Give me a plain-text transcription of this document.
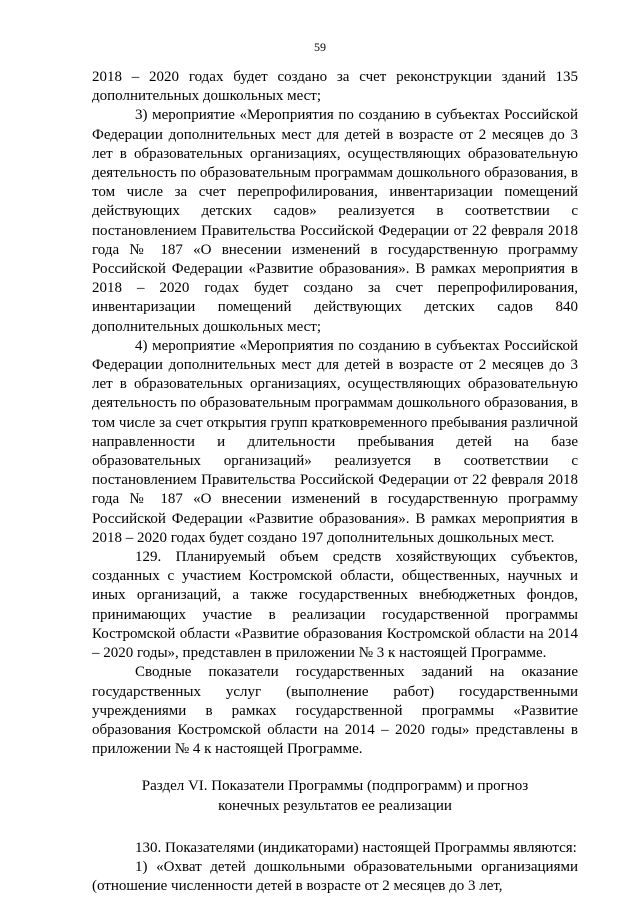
59

2018 – 2020 годах будет создано за счет реконструкции зданий 135 дополнительных дошкольных мест;

3) мероприятие «Мероприятия по созданию в субъектах Российской Федерации дополнительных мест для детей в возрасте от 2 месяцев до 3 лет в образовательных организациях, осуществляющих образовательную деятельность по образовательным программам дошкольного образования, в том числе за счет перепрофилирования, инвентаризации помещений действующих детских садов» реализуется в соответствии с постановлением Правительства Российской Федерации от 22 февраля 2018 года № 187 «О внесении изменений в государственную программу Российской Федерации «Развитие образования». В рамках мероприятия в 2018 – 2020 годах будет создано за счет перепрофилирования, инвентаризации помещений действующих детских садов 840 дополнительных дошкольных мест;

4) мероприятие «Мероприятия по созданию в субъектах Российской Федерации дополнительных мест для детей в возрасте от 2 месяцев до 3 лет в образовательных организациях, осуществляющих образовательную деятельность по образовательным программам дошкольного образования, в том числе за счет открытия групп кратковременного пребывания различной направленности и длительности пребывания детей на базе образовательных организаций» реализуется в соответствии с постановлением Правительства Российской Федерации от 22 февраля 2018 года № 187 «О внесении изменений в государственную программу Российской Федерации «Развитие образования». В рамках мероприятия в 2018 – 2020 годах будет создано 197 дополнительных дошкольных мест.

129. Планируемый объем средств хозяйствующих субъектов, созданных с участием Костромской области, общественных, научных и иных организаций, а также государственных внебюджетных фондов, принимающих участие в реализации государственной программы Костромской области «Развитие образования Костромской области на 2014 – 2020 годы», представлен в приложении № 3 к настоящей Программе.

Сводные показатели государственных заданий на оказание государственных услуг (выполнение работ) государственными учреждениями в рамках государственной программы «Развитие образования Костромской области на 2014 – 2020 годы» представлены в приложении № 4 к настоящей Программе.

Раздел VI. Показатели Программы (подпрограмм) и прогноз
конечных результатов ее реализации

130. Показателями (индикаторами) настоящей Программы являются:

1) «Охват детей дошкольными образовательными организациями (отношение численности детей в возрасте от 2 месяцев до 3 лет,
